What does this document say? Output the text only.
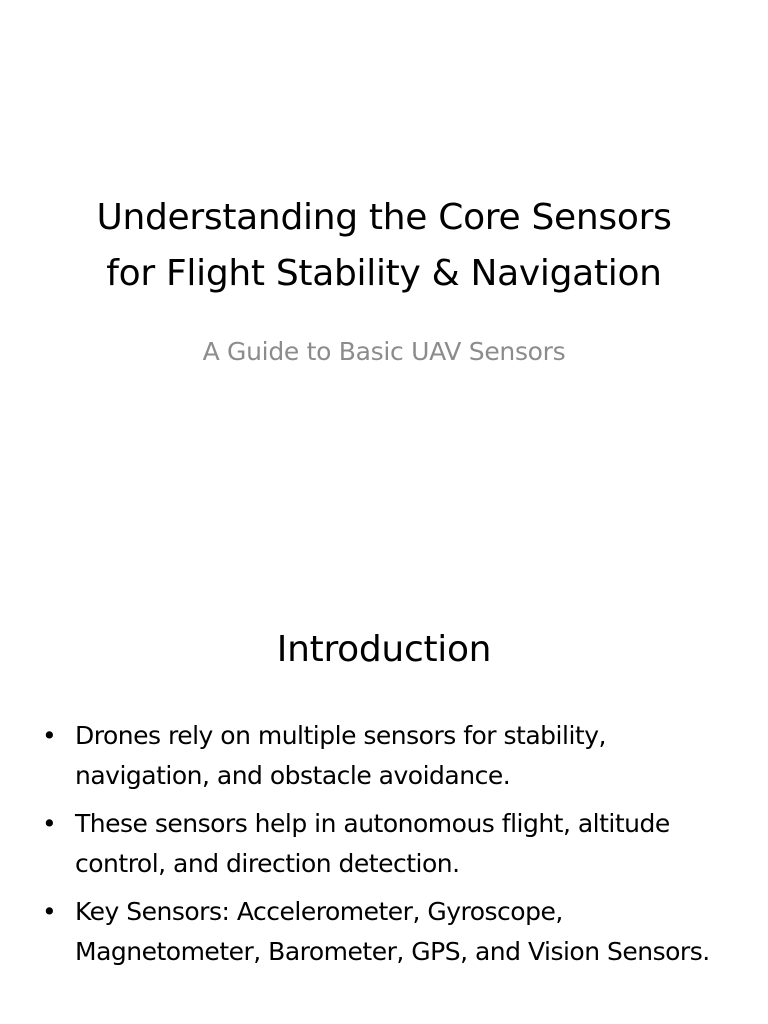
Understanding the Core Sensors
for Flight Stability & Navigation

A Guide to Basic UAV Sensors

Introduction
• Drones rely on multiple sensors for stability, navigation, and obstacle avoidance.
• These sensors help in autonomous flight, altitude control, and direction detection.
• Key Sensors: Accelerometer, Gyroscope, Magnetometer, Barometer, GPS, and Vision Sensors.
